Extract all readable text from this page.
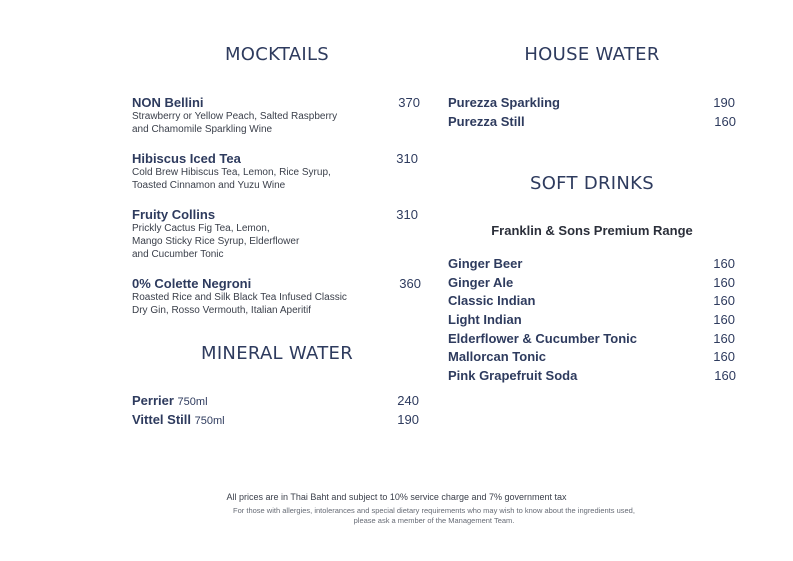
MOCKTAILS
NON Bellini	370
Strawberry or Yellow Peach, Salted Raspberry
and Chamomile Sparkling Wine
Hibiscus Iced Tea	310
Cold Brew Hibiscus Tea, Lemon, Rice Syrup,
Toasted Cinnamon and Yuzu Wine
Fruity Collins	310
Prickly Cactus Fig Tea, Lemon,
Mango Sticky Rice Syrup, Elderflower
and Cucumber Tonic
0% Colette Negroni	360
Roasted Rice and Silk Black Tea Infused Classic
Dry Gin, Rosso Vermouth, Italian Aperitif
MINERAL WATER
Perrier 750ml	240
Vittel Still 750ml	190
HOUSE WATER
Purezza Sparkling	190
Purezza Still	160
SOFT DRINKS
Franklin & Sons Premium Range
Ginger Beer	160
Ginger Ale	160
Classic Indian	160
Light Indian	160
Elderflower & Cucumber Tonic	160
Mallorcan Tonic	160
Pink Grapefruit Soda	160
All prices are in Thai Baht and subject to 10% service charge and 7% government tax
For those with allergies, intolerances and special dietary requirements who may wish to know about the ingredients used,
please ask a member of the Management Team.
